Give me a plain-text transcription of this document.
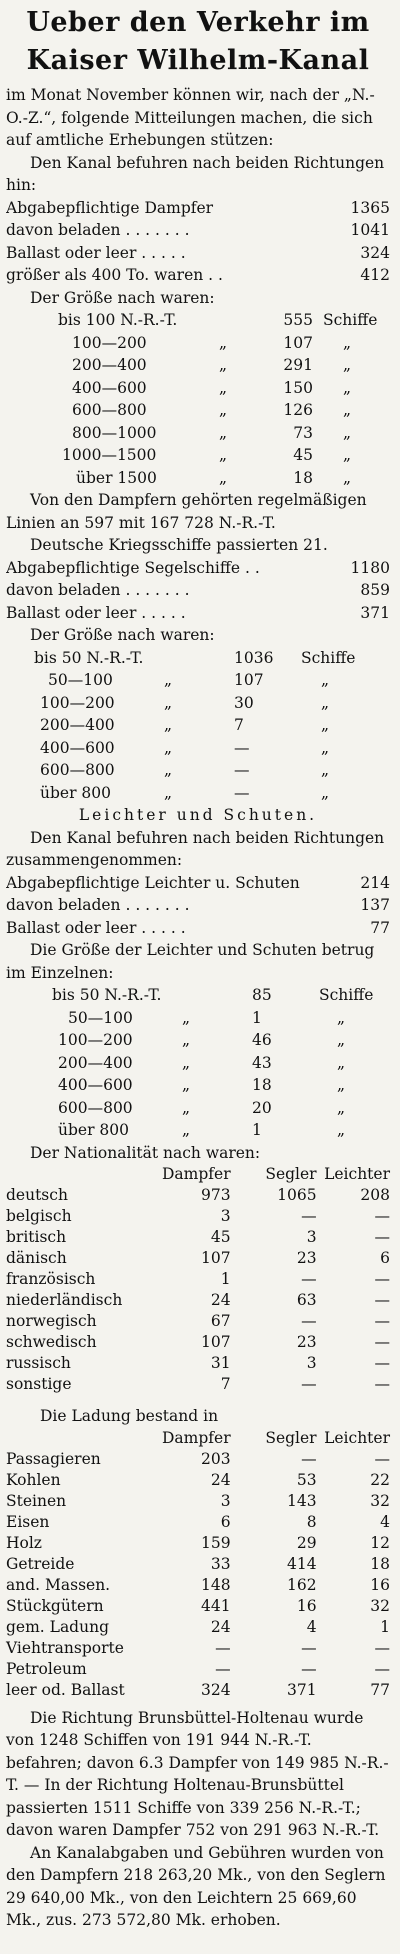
Ueber den Verkehr im
Kaiser Wilhelm-Kanal

im Monat November können wir, nach der „N.-O.-Z.“, folgende Mitteilungen machen, die sich auf amtliche Erhebungen stützen:

Den Kanal befuhren nach beiden Richtungen hin:

Abgabepflichtige Dampfer	1365
davon beladen . . . . . . .	1041
Ballast oder leer . . . . .	324
größer als 400 To. waren . .	412
Der Größe nach waren:
bis 100 N.-R.-T.	555 Schiffe
100—200	„	107	„
200—400	„	291	„
400—600	„	150	„
600—800	„	126	„
800—1000	„	73	„
1000—1500	„	45	„
über 1500	„	18	„

Von den Dampfern gehörten regelmäßigen Linien an 597 mit 167 728 N.-R.-T.

Deutsche Kriegsschiffe passierten 21.

Abgabepflichtige Segelschiffe . .	1180
davon beladen . . . . . . .	859
Ballast oder leer . . . . .	371
Der Größe nach waren:
bis 50 N.-R.-T.	1036	Schiffe
50—100	„	107	„
100—200	„	30	„
200—400	„	7	„
400—600	„	—	„
600—800	„	—	„
über 800	„	—	„
Leichter und Schuten.

Den Kanal befuhren nach beiden Richtungen zusammengenommen:

Abgabepflichtige Leichter u. Schuten	214
davon beladen . . . . . . .	137
Ballast oder leer . . . . .	77

Die Größe der Leichter und Schuten betrug im Einzelnen:

bis 50 N.-R.-T.	85	Schiffe
50—100	„	1	„
100—200	„	46	„
200—400	„	43	„
400—600	„	18	„
600—800	„	20	„
über 800	„	1	„
Der Nationalität nach waren:
	Dampfer	Segler	Leichter
deutsch	973	1065	208
belgisch	3	—	—
britisch	45	3	—
dänisch	107	23	6
französisch	1	—	—
niederländisch	24	63	—
norwegisch	67	—	—
schwedisch	107	23	—
russisch	31	3	—
sonstige	7	—	—
Die Ladung bestand in
	Dampfer	Segler	Leichter
Passagieren	203	—	—
Kohlen	24	53	22
Steinen	3	143	32
Eisen	6	8	4
Holz	159	29	12
Getreide	33	414	18
and. Massen.	148	162	16
Stückgütern	441	16	32
gem. Ladung	24	4	1
Viehtransporte	—	—	—
Petroleum	—	—	—
leer od. Ballast	324	371	77

Die Richtung Brunsbüttel-Holtenau wurde von 1248 Schiffen von 191 944 N.-R.-T. befahren; davon 6.3 Dampfer von 149 985 N.-R.-T. — In der Richtung Holtenau-Brunsbüttel passierten 1511 Schiffe von 339 256 N.-R.-T.; davon waren Dampfer 752 von 291 963 N.-R.-T.

An Kanalabgaben und Gebühren wurden von den Dampfern 218 263,20 Mk., von den Seglern 29 640,00 Mk., von den Leichtern 25 669,60 Mk., zus. 273 572,80 Mk. erhoben.
